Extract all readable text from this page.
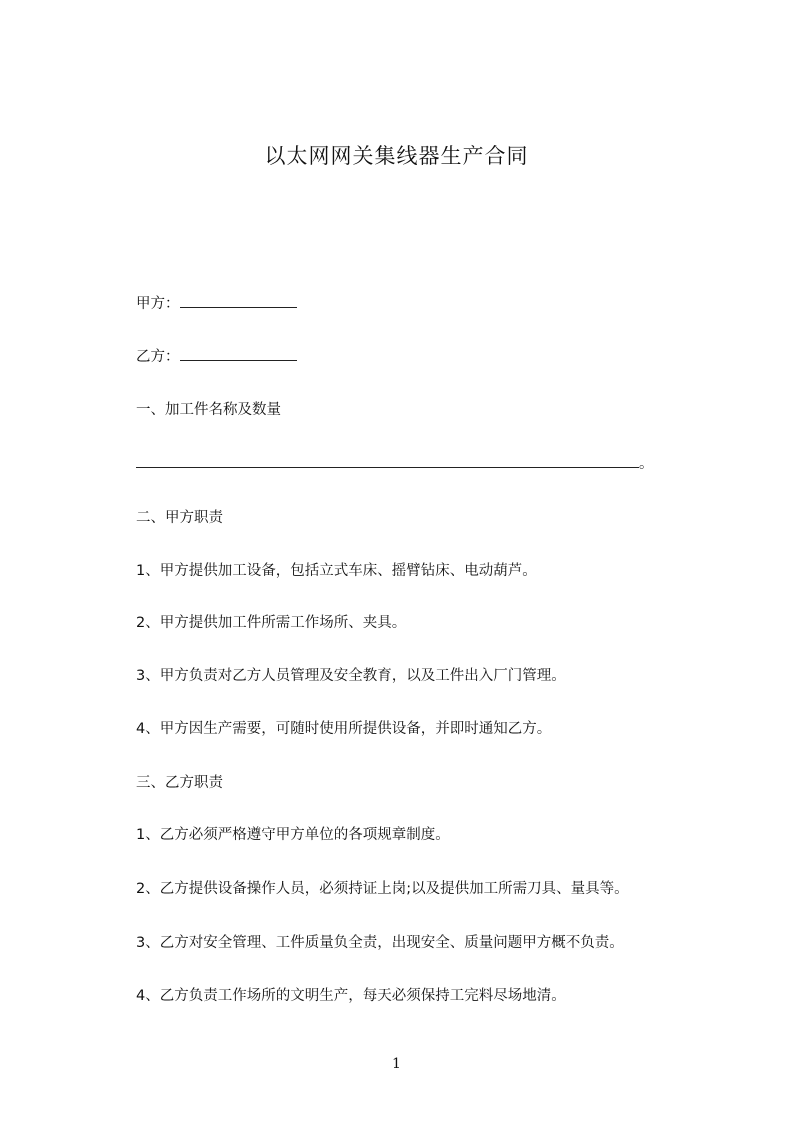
以太网网关集线器生产合同
甲方：
乙方：
一、加工件名称及数量
。
二、甲方职责
1、甲方提供加工设备，包括立式车床、摇臂钻床、电动葫芦。
2、甲方提供加工件所需工作场所、夹具。
3、甲方负责对乙方人员管理及安全教育，以及工件出入厂门管理。
4、甲方因生产需要，可随时使用所提供设备，并即时通知乙方。
三、乙方职责
1、乙方必须严格遵守甲方单位的各项规章制度。
2、乙方提供设备操作人员，必须持证上岗;以及提供加工所需刀具、量具等。
3、乙方对安全管理、工件质量负全责，出现安全、质量问题甲方概不负责。
4、乙方负责工作场所的文明生产，每天必须保持工完料尽场地清。
1
